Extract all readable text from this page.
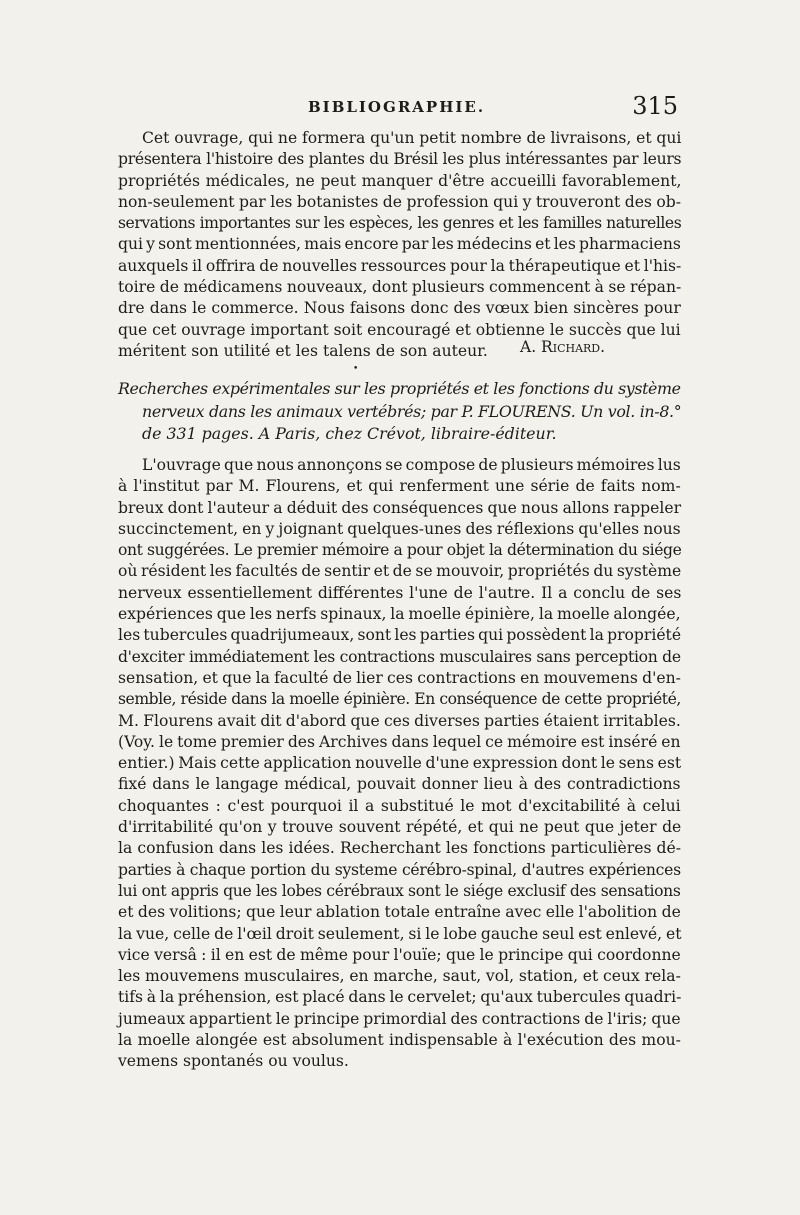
BIBLIOGRAPHIE.	315
Cet ouvrage, qui ne formera qu'un petit nombre de livraisons, et qui
présentera l'histoire des plantes du Brésil les plus intéressantes par leurs
propriétés médicales, ne peut manquer d'être accueilli favorablement,
non-seulement par les botanistes de profession qui y trouveront des ob-
servations importantes sur les espèces, les genres et les familles naturelles
qui y sont mentionnées, mais encore par les médecins et les pharmaciens
auxquels il offrira de nouvelles ressources pour la thérapeutique et l'his-
toire de médicamens nouveaux, dont plusieurs commencent à se répan-
dre dans le commerce. Nous faisons donc des vœux bien sincères pour
que cet ouvrage important soit encouragé et obtienne le succès que lui
méritent son utilité et les talens de son auteur.	A. Richard.
•
Recherches expérimentales sur les propriétés et les fonctions du système
nerveux dans les animaux vertébrés; par P. FLOURENS. Un vol. in-8.°
de 331 pages. A Paris, chez Crévot, libraire-éditeur.
L'ouvrage que nous annonçons se compose de plusieurs mémoires lus
à l'institut par M. Flourens, et qui renferment une série de faits nom-
breux dont l'auteur a déduit des conséquences que nous allons rappeler
succinctement, en y joignant quelques-unes des réflexions qu'elles nous
ont suggérées. Le premier mémoire a pour objet la détermination du siége
où résident les facultés de sentir et de se mouvoir, propriétés du système
nerveux essentiellement différentes l'une de l'autre. Il a conclu de ses
expériences que les nerfs spinaux, la moelle épinière, la moelle alongée,
les tubercules quadrijumeaux, sont les parties qui possèdent la propriété
d'exciter immédiatement les contractions musculaires sans perception de
sensation, et que la faculté de lier ces contractions en mouvemens d'en-
semble, réside dans la moelle épinière. En conséquence de cette propriété,
M. Flourens avait dit d'abord que ces diverses parties étaient irritables.
(Voy. le tome premier des Archives dans lequel ce mémoire est inséré en
entier.) Mais cette application nouvelle d'une expression dont le sens est
fixé dans le langage médical, pouvait donner lieu à des contradictions
choquantes : c'est pourquoi il a substitué le mot d'excitabilité à celui
d'irritabilité qu'on y trouve souvent répété, et qui ne peut que jeter de
la confusion dans les idées. Recherchant les fonctions particulières dé-
parties à chaque portion du systeme cérébro-spinal, d'autres expériences
lui ont appris que les lobes cérébraux sont le siége exclusif des sensations
et des volitions; que leur ablation totale entraîne avec elle l'abolition de
la vue, celle de l'œil droit seulement, si le lobe gauche seul est enlevé, et
vice versâ : il en est de même pour l'ouïe; que le principe qui coordonne
les mouvemens musculaires, en marche, saut, vol, station, et ceux rela-
tifs à la préhension, est placé dans le cervelet; qu'aux tubercules quadri-
jumeaux appartient le principe primordial des contractions de l'iris; que
la moelle alongée est absolument indispensable à l'exécution des mou-
vemens spontanés ou voulus.
